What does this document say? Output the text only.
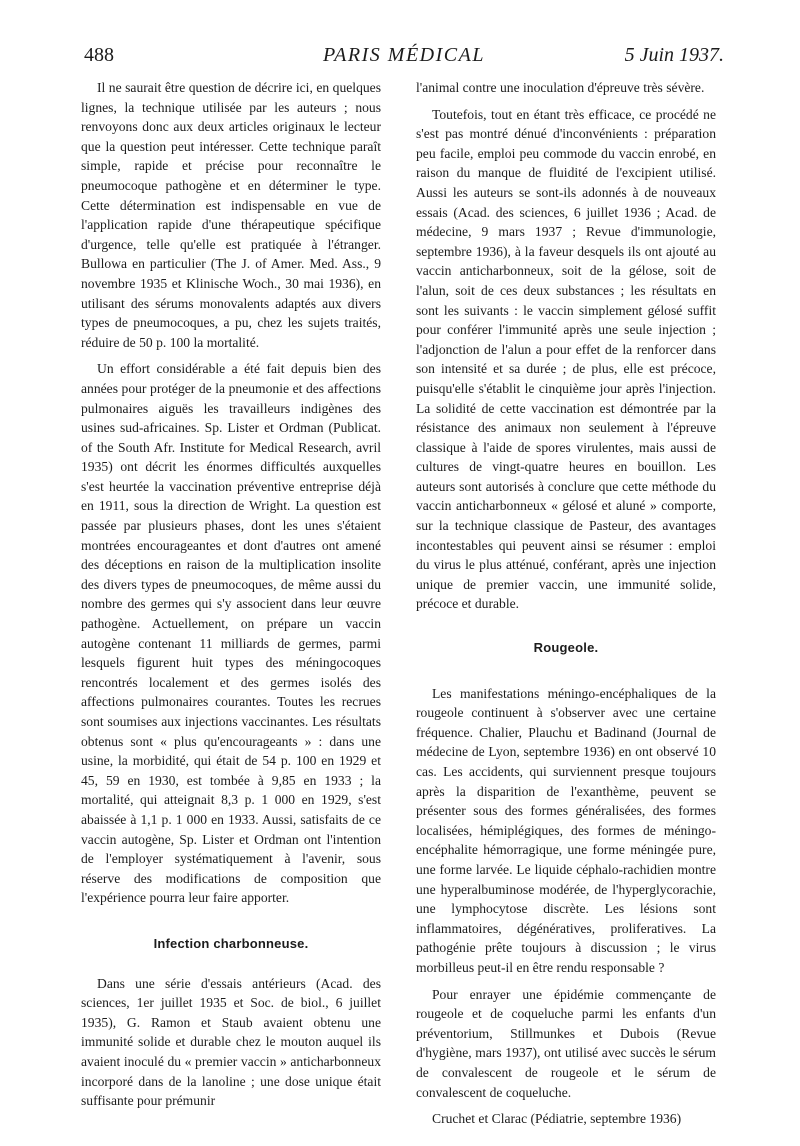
488	PARIS MÉDICAL	5 Juin 1937.

Il ne saurait être question de décrire ici, en quelques lignes, la technique utilisée par les auteurs ; nous renvoyons donc aux deux articles originaux le lecteur que la question peut intéresser. Cette technique paraît simple, rapide et précise pour reconnaître le pneumocoque pathogène et en déterminer le type. Cette détermination est indispensable en vue de l'application rapide d'une thérapeutique spécifique d'urgence, telle qu'elle est pratiquée à l'étranger. Bullowa en particulier (The J. of Amer. Med. Ass., 9 novembre 1935 et Klinische Woch., 30 mai 1936), en utilisant des sérums monovalents adaptés aux divers types de pneumocoques, a pu, chez les sujets traités, réduire de 50 p. 100 la mortalité.

Un effort considérable a été fait depuis bien des années pour protéger de la pneumonie et des affections pulmonaires aiguës les travailleurs indigènes des usines sud-africaines. Sp. Lister et Ordman (Publicat. of the South Afr. Institute for Medical Research, avril 1935) ont décrit les énormes difficultés auxquelles s'est heurtée la vaccination préventive entreprise déjà en 1911, sous la direction de Wright. La question est passée par plusieurs phases, dont les unes s'étaient montrées encourageantes et dont d'autres ont amené des déceptions en raison de la multiplication insolite des divers types de pneumocoques, de même aussi du nombre des germes qui s'y associent dans leur œuvre pathogène. Actuellement, on prépare un vaccin autogène contenant 11 milliards de germes, parmi lesquels figurent huit types des méningocoques rencontrés localement et des germes isolés des affections pulmonaires courantes. Toutes les recrues sont soumises aux injections vaccinantes. Les résultats obtenus sont « plus qu'encourageants » : dans une usine, la morbidité, qui était de 54 p. 100 en 1929 et 45, 59 en 1930, est tombée à 9,85 en 1933 ; la mortalité, qui atteignait 8,3 p. 1 000 en 1929, s'est abaissée à 1,1 p. 1 000 en 1933. Aussi, satisfaits de ce vaccin autogène, Sp. Lister et Ordman ont l'intention de l'employer systématiquement à l'avenir, sous réserve des modifications de composition que l'expérience pourra leur faire apporter.

Infection charbonneuse.

Dans une série d'essais antérieurs (Acad. des sciences, 1er juillet 1935 et Soc. de biol., 6 juillet 1935), G. Ramon et Staub avaient obtenu une immunité solide et durable chez le mouton auquel ils avaient inoculé du « premier vaccin » anticharbonneux incorporé dans de la lanoline ; une dose unique était suffisante pour prémunir

l'animal contre une inoculation d'épreuve très sévère.

Toutefois, tout en étant très efficace, ce procédé ne s'est pas montré dénué d'inconvénients : préparation peu facile, emploi peu commode du vaccin enrobé, en raison du manque de fluidité de l'excipient utilisé. Aussi les auteurs se sont-ils adonnés à de nouveaux essais (Acad. des sciences, 6 juillet 1936 ; Acad. de médecine, 9 mars 1937 ; Revue d'immunologie, septembre 1936), à la faveur desquels ils ont ajouté au vaccin anticharbonneux, soit de la gélose, soit de l'alun, soit de ces deux substances ; les résultats en sont les suivants : le vaccin simplement gélosé suffit pour conférer l'immunité après une seule injection ; l'adjonction de l'alun a pour effet de la renforcer dans son intensité et sa durée ; de plus, elle est précoce, puisqu'elle s'établit le cinquième jour après l'injection. La solidité de cette vaccination est démontrée par la résistance des animaux non seulement à l'épreuve classique à l'aide de spores virulentes, mais aussi de cultures de vingt-quatre heures en bouillon. Les auteurs sont autorisés à conclure que cette méthode du vaccin anticharbonneux « gélosé et aluné » comporte, sur la technique classique de Pasteur, des avantages incontestables qui peuvent ainsi se résumer : emploi du virus le plus atténué, conférant, après une injection unique de premier vaccin, une immunité solide, précoce et durable.

Rougeole.

Les manifestations méningo-encéphaliques de la rougeole continuent à s'observer avec une certaine fréquence. Chalier, Plauchu et Badinand (Journal de médecine de Lyon, septembre 1936) en ont observé 10 cas. Les accidents, qui surviennent presque toujours après la disparition de l'exanthème, peuvent se présenter sous des formes généralisées, des formes localisées, hémiplégiques, des formes de méningo-encéphalite hémorragique, une forme méningée pure, une forme larvée. Le liquide céphalo-rachidien montre une hyperalbuminose modérée, de l'hyperglycorachie, une lymphocytose discrète. Les lésions sont inflammatoires, dégénératives, proliferatives. La pathogénie prête toujours à discussion ; le virus morbilleus peut-il en être rendu responsable ?

Pour enrayer une épidémie commençante de rougeole et de coqueluche parmi les enfants d'un préventorium, Stillmunkes et Dubois (Revue d'hygiène, mars 1937), ont utilisé avec succès le sérum de convalescent de rougeole et le sérum de convalescent de coqueluche.

Cruchet et Clarac (Pédiatrie, septembre 1936)
